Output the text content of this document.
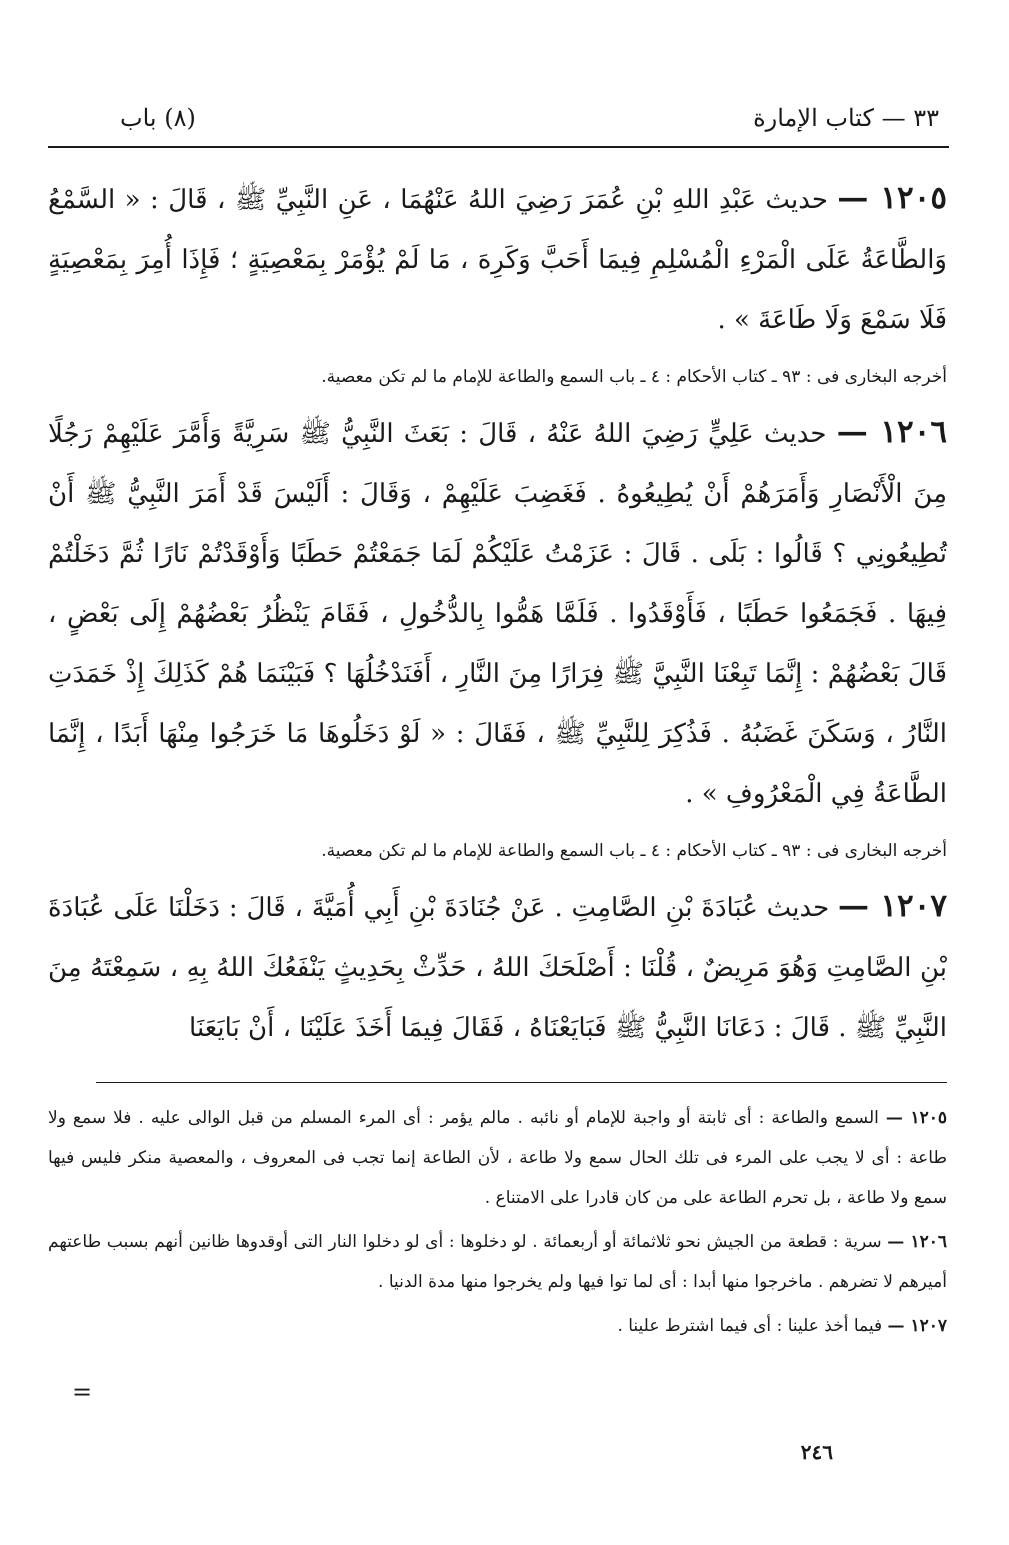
٣٣ — كتاب الإمارة
(٨) باب

١٢٠٥ — حديث عَبْدِ اللهِ بْنِ عُمَرَ رَضِيَ اللهُ عَنْهُمَا ، عَنِ النَّبِيِّ ﷺ ، قَالَ : « السَّمْعُ وَالطَّاعَةُ عَلَى الْمَرْءِ الْمُسْلِمِ فِيمَا أَحَبَّ وَكَرِهَ ، مَا لَمْ يُؤْمَرْ بِمَعْصِيَةٍ ؛ فَإِذَا أُمِرَ بِمَعْصِيَةٍ فَلَا سَمْعَ وَلَا طَاعَةَ » .

أخرجه البخارى فى : ٩٣ ـ كتاب الأحكام : ٤ ـ باب السمع والطاعة للإمام ما لم تكن معصية.

١٢٠٦ — حديث عَلِيٍّ رَضِيَ اللهُ عَنْهُ ، قَالَ : بَعَثَ النَّبِيُّ ﷺ سَرِيَّةً وَأَمَّرَ عَلَيْهِمْ رَجُلًا مِنَ الْأَنْصَارِ وَأَمَرَهُمْ أَنْ يُطِيعُوهُ . فَغَضِبَ عَلَيْهِمْ ، وَقَالَ : أَلَيْسَ قَدْ أَمَرَ النَّبِيُّ ﷺ أَنْ تُطِيعُونِي ؟ قَالُوا : بَلَى . قَالَ : عَزَمْتُ عَلَيْكُمْ لَمَا جَمَعْتُمْ حَطَبًا وَأَوْقَدْتُمْ نَارًا ثُمَّ دَخَلْتُمْ فِيهَا . فَجَمَعُوا حَطَبًا ، فَأَوْقَدُوا . فَلَمَّا هَمُّوا بِالدُّخُولِ ، فَقَامَ يَنْظُرُ بَعْضُهُمْ إِلَى بَعْضٍ ، قَالَ بَعْضُهُمْ : إِنَّمَا تَبِعْنَا النَّبِيَّ ﷺ فِرَارًا مِنَ النَّارِ ، أَفَنَدْخُلُهَا ؟ فَبَيْنَمَا هُمْ كَذَلِكَ إِذْ خَمَدَتِ النَّارُ ، وَسَكَنَ غَضَبُهُ . فَذُكِرَ لِلنَّبِيِّ ﷺ ، فَقَالَ : « لَوْ دَخَلُوهَا مَا خَرَجُوا مِنْهَا أَبَدًا ، إِنَّمَا الطَّاعَةُ فِي الْمَعْرُوفِ » .

أخرجه البخارى فى : ٩٣ ـ كتاب الأحكام : ٤ ـ باب السمع والطاعة للإمام ما لم تكن معصية.

١٢٠٧ — حديث عُبَادَةَ بْنِ الصَّامِتِ . عَنْ جُنَادَةَ بْنِ أَبِي أُمَيَّةَ ، قَالَ : دَخَلْنَا عَلَى عُبَادَةَ بْنِ الصَّامِتِ وَهُوَ مَرِيضٌ ، قُلْنَا : أَصْلَحَكَ اللهُ ، حَدِّثْ بِحَدِيثٍ يَنْفَعُكَ اللهُ بِهِ ، سَمِعْتَهُ مِنَ النَّبِيِّ ﷺ . قَالَ : دَعَانَا النَّبِيُّ ﷺ فَبَايَعْنَاهُ ، فَقَالَ فِيمَا أَخَذَ عَلَيْنَا ، أَنْ بَايَعَنَا

١٢٠٥ — السمع والطاعة : أى ثابتة أو واجبة للإمام أو نائبه . مالم يؤمر : أى المرء المسلم من قبل الوالى عليه . فلا سمع ولا طاعة : أى لا يجب على المرء فى تلك الحال سمع ولا طاعة ، لأن الطاعة إنما تجب فى المعروف ، والمعصية منكر فليس فيها سمع ولا طاعة ، بل تحرم الطاعة على من كان قادرا على الامتناع .

١٢٠٦ — سرية : قطعة من الجيش نحو ثلاثمائة أو أربعمائة . لو دخلوها : أى لو دخلوا النار التى أوقدوها ظانين أنهم بسبب طاعتهم أميرهم لا تضرهم . ماخرجوا منها أبدا : أى لما توا فيها ولم يخرجوا منها مدة الدنيا .

١٢٠٧ — فيما أخذ علينا : أى فيما اشترط علينا .

=
٢٤٦
